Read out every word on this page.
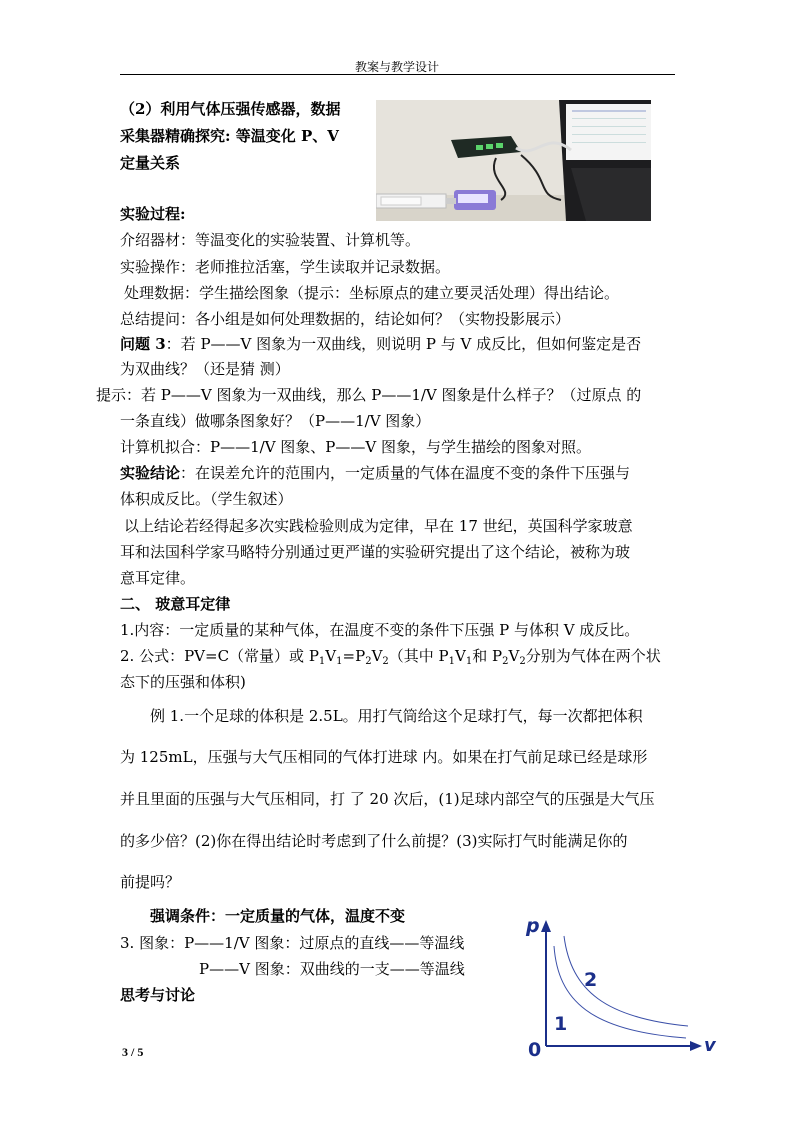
教案与教学设计
（2）利用气体压强传感器，数据
采集器精确探究: 等温变化 P、V
定量关系
实验过程:
介绍器材：等温变化的实验装置、计算机等。
实验操作：老师推拉活塞，学生读取并记录数据。
处理数据：学生描绘图象（提示：坐标原点的建立要灵活处理）得出结论。
总结提问：各小组是如何处理数据的，结论如何？（实物投影展示）
问题 3：若 P——V 图象为一双曲线，则说明 P 与 V 成反比，但如何鉴定是否
为双曲线？（还是猜 测）
提示：若 P——V 图象为一双曲线，那么 P——1/V 图象是什么样子？（过原点 的
一条直线）做哪条图象好？（P——1/V 图象）
计算机拟合：P——1/V 图象、P——V 图象，与学生描绘的图象对照。
实验结论：在误差允许的范围内，一定质量的气体在温度不变的条件下压强与
体积成反比。（学生叙述）
以上结论若经得起多次实践检验则成为定律，早在 17 世纪，英国科学家玻意
耳和法国科学家马略特分别通过更严谨的实验研究提出了这个结论，被称为玻
意耳定律。
二、 玻意耳定律
1.内容：一定质量的某种气体，在温度不变的条件下压强 P 与体积 V 成反比。
2. 公式：PV=C（常量）或 $P_1V_1=P_2V_2$（其中 $P_1V_1$和 $P_2V_2$分别为气体在两个状
态下的压强和体积)
例 1.一个足球的体积是 2.5L。用打气筒给这个足球打气，每一次都把体积
为 125mL，压强与大气压相同的气体打进球 内。如果在打气前足球已经是球形
并且里面的压强与大气压相同，打 了 20 次后，(1)足球内部空气的压强是大气压
的多少倍？(2)你在得出结论时考虑到了什么前提？(3)实际打气时能满足你的
前提吗？
强调条件：一定质量的气体，温度不变
3. 图象：P——1/V 图象：过原点的直线——等温线
P——V 图象：双曲线的一支——等温线
思考与讨论
p
v
0
1
2
3 / 5
